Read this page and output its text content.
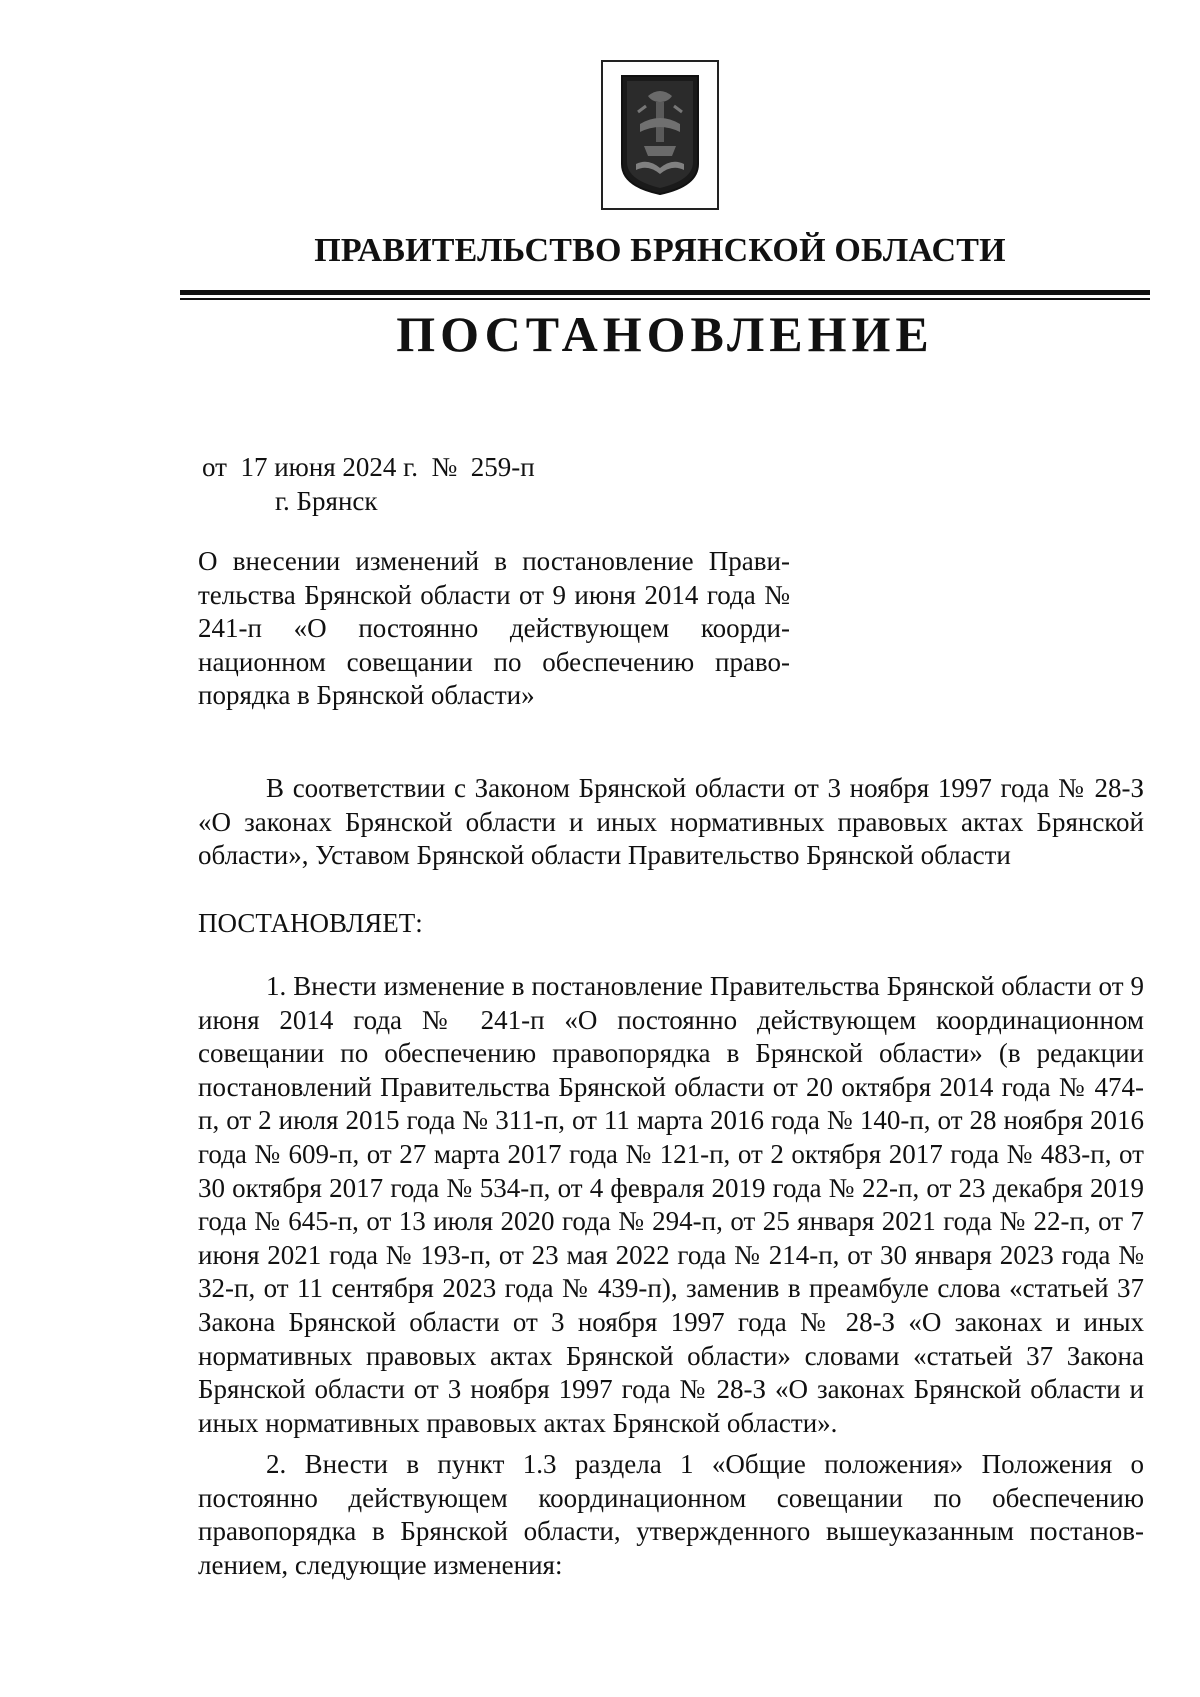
ПРАВИТЕЛЬСТВО БРЯНСКОЙ ОБЛАСТИ
ПОСТАНОВЛЕНИЕ
от  17 июня 2024 г.  №  259-п
г. Брянск
О внесении изменений в постановление Правительства Брянской области от 9 июня 2014 года № 241-п «О постоянно действующем координационном совещании по обеспечению правопорядка в Брянской области»

В соответствии с Законом Брянской области от 3 ноября 1997 года № 28-З «О законах Брянской области и иных нормативных правовых актах Брянской области», Уставом Брянской области Правительство Брянской области

ПОСТАНОВЛЯЕТ:

1. Внести изменение в постановление Правительства Брянской области от 9 июня 2014 года № 241-п «О постоянно действующем координационном совещании по обеспечению правопорядка в Брянской области» (в редакции постановлений Правительства Брянской области от 20 октября 2014 года № 474-п, от 2 июля 2015 года № 311-п, от 11 марта 2016 года № 140-п, от 28 ноября 2016 года № 609-п, от 27 марта 2017 года № 121-п, от 2 октября 2017 года № 483-п, от 30 октября 2017 года № 534-п, от 4 февраля 2019 года № 22-п, от 23 декабря 2019 года № 645-п, от 13 июля 2020 года № 294-п, от 25 января 2021 года № 22-п, от 7 июня 2021 года № 193-п, от 23 мая 2022 года № 214-п, от 30 января 2023 года № 32-п, от 11 сентября 2023 года № 439-п), заменив в преамбуле слова «статьей 37 Закона Брянской области от 3 ноября 1997 года № 28-З «О законах и иных нормативных правовых актах Брянской области» словами «статьей 37 Закона Брянской области от 3 ноября 1997 года № 28-З «О законах Брянской области и иных нормативных правовых актах Брянской области».

2. Внести в пункт 1.3 раздела 1 «Общие положения» Положения о постоянно действующем координационном совещании по обеспечению правопорядка в Брянской области, утвержденного вышеуказанным постановлением, следующие изменения:
